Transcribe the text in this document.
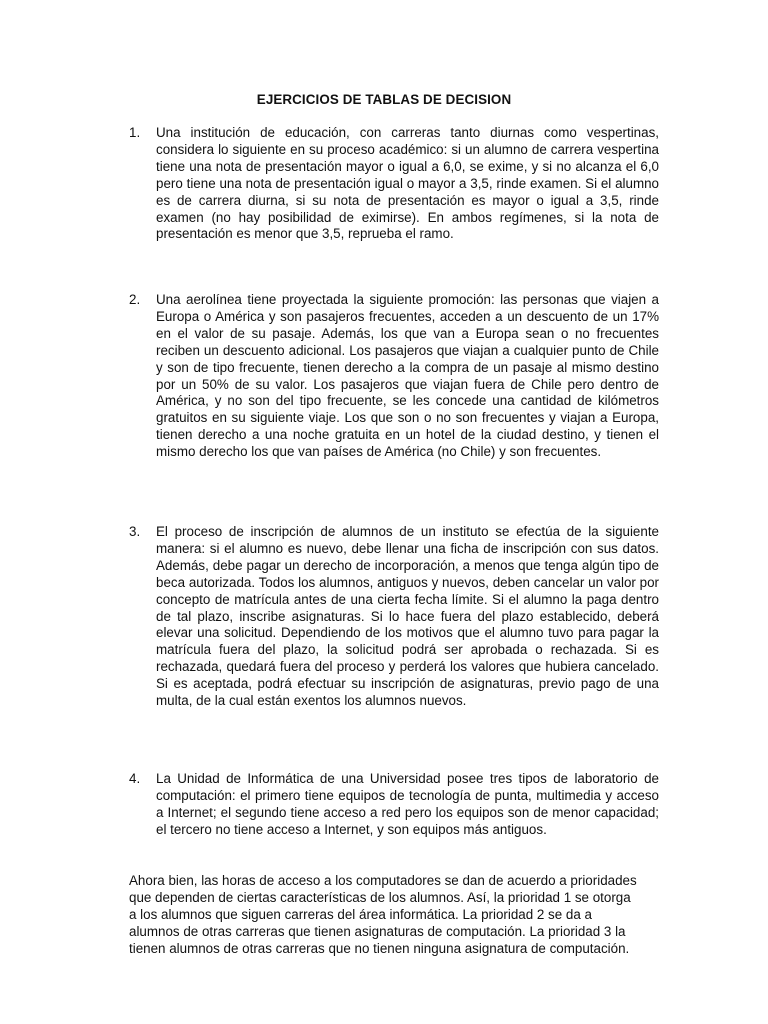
EJERCICIOS DE TABLAS DE DECISION
1.	Una institución de educación, con carreras tanto diurnas como vespertinas, considera lo siguiente en su proceso académico: si un alumno de carrera vespertina tiene una nota de presentación mayor o igual a 6,0, se exime, y si no alcanza el 6,0 pero tiene una nota de presentación igual o mayor a 3,5, rinde examen. Si el alumno es de carrera diurna, si su nota de presentación es mayor o igual a 3,5, rinde examen (no hay posibilidad de eximirse). En ambos regímenes, si la nota de presentación es menor que 3,5, reprueba el ramo.
2.	Una aerolínea tiene proyectada la siguiente promoción: las personas que viajen a Europa o América y son pasajeros frecuentes, acceden a un descuento de un 17% en el valor de su pasaje. Además, los que van a Europa sean o no frecuentes reciben un descuento adicional. Los pasajeros que viajan a cualquier punto de Chile y son de tipo frecuente, tienen derecho a la compra de un pasaje al mismo destino por un 50% de su valor. Los pasajeros que viajan fuera de Chile pero dentro de América, y no son del tipo frecuente, se les concede una cantidad de kilómetros gratuitos en su siguiente viaje. Los que son o no son frecuentes y viajan a Europa, tienen derecho a una noche gratuita en un hotel de la ciudad destino, y tienen el mismo derecho los que van países de América (no Chile) y son frecuentes.
3.	El proceso de inscripción de alumnos de un instituto se efectúa de la siguiente manera: si el alumno es nuevo, debe llenar una ficha de inscripción con sus datos. Además, debe pagar un derecho de incorporación, a menos que tenga algún tipo de beca autorizada. Todos los alumnos, antiguos y nuevos, deben cancelar un valor por concepto de matrícula antes de una cierta fecha límite. Si el alumno la paga dentro de tal plazo, inscribe asignaturas. Si lo hace fuera del plazo establecido, deberá elevar una solicitud. Dependiendo de los motivos que el alumno tuvo para pagar la matrícula fuera del plazo, la solicitud podrá ser aprobada o rechazada. Si es rechazada, quedará fuera del proceso y perderá los valores que hubiera cancelado. Si es aceptada, podrá efectuar su inscripción de asignaturas, previo pago de una multa, de la cual están exentos los alumnos nuevos.
4.	La Unidad de Informática de una Universidad posee tres tipos de laboratorio de computación: el primero tiene equipos de tecnología de punta, multimedia y acceso a Internet; el segundo tiene acceso a red pero los equipos son de menor capacidad; el tercero no tiene acceso a Internet, y son equipos más antiguos.
Ahora bien, las horas de acceso a los computadores se dan de acuerdo a prioridades que dependen de ciertas características de los alumnos. Así, la prioridad 1 se otorga a los alumnos que siguen carreras del área informática. La prioridad 2 se da a alumnos de otras carreras que tienen asignaturas de computación. La prioridad 3 la tienen alumnos de otras carreras que no tienen ninguna asignatura de computación.
